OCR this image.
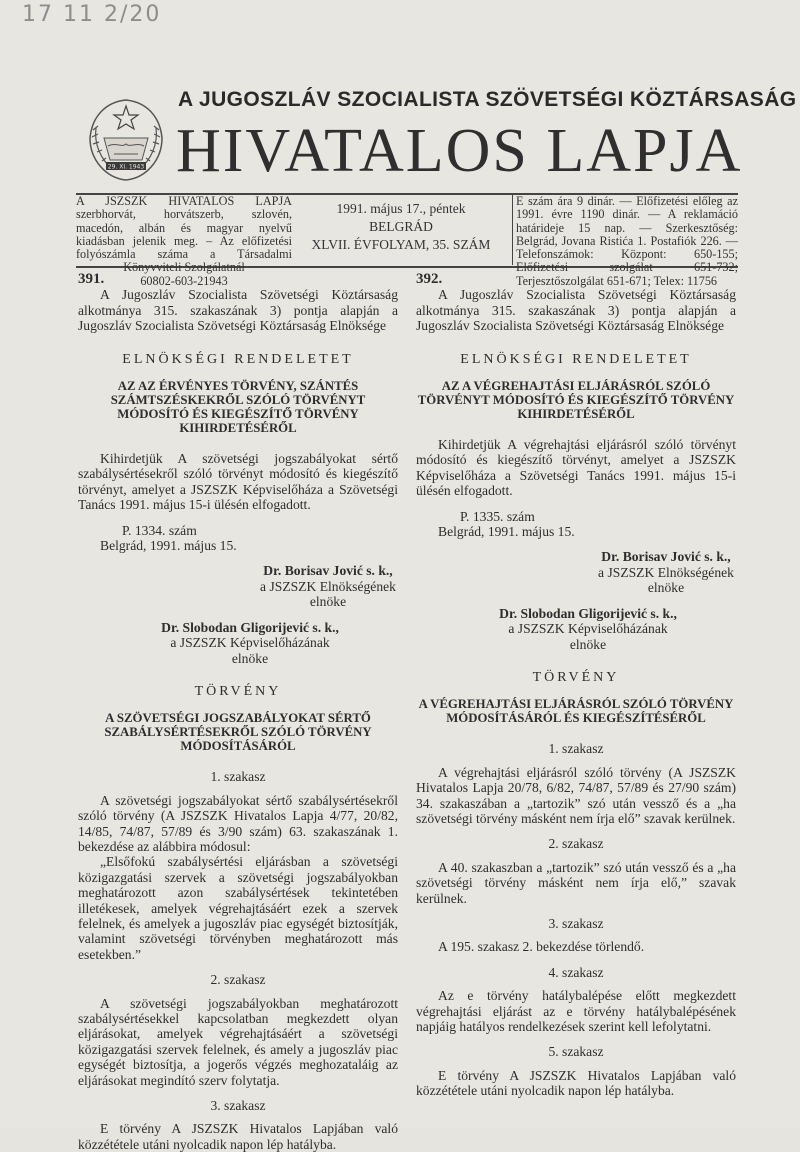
17 11 2/20
29. XI. 1943
A JUGOSZLÁV SZOCIALISTA SZÖVETSÉGI KÖZTÁRSASÁG
HIVATALOS LAPJA
A JSZSZK HIVATALOS LAPJA szerbhorvát, horvátszerb, szlovén, macedón, albán és magyar nyelvű kiadásban jelenik meg. – Az előfizetési folyószámla száma a Társadalmi Könyvviteli Szolgálatnál
60802-603-21943
1991. május 17., péntek
BELGRÁD
XLVII. ÉVFOLYAM, 35. SZÁM
E szám ára 9 dinár. — Előfizetési előleg az 1991. évre 1190 dinár. — A reklamáció határideje 15 nap. — Szerkesztőség: Belgrád, Jovana Ristića 1. Postafiók 226. — Telefonszámok: Központ: 650-155; Előfizetési szolgálat 651-732; Terjesztőszolgálat 651-671; Telex: 11756

391.

A Jugoszláv Szocialista Szövetségi Köztársaság alkotmánya 315. szakaszának 3) pontja alapján a Jugoszláv Szocialista Szövetségi Köztársaság Elnöksége

ELNÖKSÉGI RENDELETET

AZ AZ ÉRVÉNYES TÖRVÉNY, SZÁNTÉS SZÁMTSZÉSKEKRŐL SZÓLÓ TÖRVÉNYT MÓDOSÍTÓ ÉS KIEGÉSZÍTŐ TÖRVÉNY KIHIRDETÉSÉRŐL

Kihirdetjük A szövetségi jogszabályokat sértő szabálysértésekről szóló törvényt módosító és kiegészítő törvényt, amelyet a JSZSZK Képviselőháza a Szövetségi Tanács 1991. május 15-i ülésén elfogadott.

P. 1334. szám

Belgrád, 1991. május 15.

Dr. Borisav Jović s. k.,

a JSZSZK Elnökségének

elnöke

Dr. Slobodan Gligorijević s. k.,

a JSZSZK Képviselőházának

elnöke

TÖRVÉNY

A SZÖVETSÉGI JOGSZABÁLYOKAT SÉRTŐ SZABÁLYSÉRTÉSEKRŐL SZÓLÓ TÖRVÉNY MÓDOSÍTÁSÁRÓL

1. szakasz

A szövetségi jogszabályokat sértő szabálysértésekről szóló törvény (A JSZSZK Hivatalos Lapja 4/77, 20/82, 14/85, 74/87, 57/89 és 3/90 szám) 63. szakaszának 1. bekezdése az alábbira módosul:

„Elsőfokú szabálysértési eljárásban a szövetségi közigazgatási szervek a szövetségi jogszabályokban meghatározott azon szabálysértések tekintetében illetékesek, amelyek végrehajtásáért ezek a szervek felelnek, és amelyek a jugoszláv piac egységét biztosítják, valamint szövetségi törvényben meghatározott más esetekben.”

2. szakasz

A szövetségi jogszabályokban meghatározott szabálysértésekkel kapcsolatban megkezdett olyan eljárásokat, amelyek végrehajtásáért a szövetségi közigazgatási szervek felelnek, és amely a jugoszláv piac egységét biztosítja, a jogerős végzés meghozataláig az eljárásokat megindító szerv folytatja.

3. szakasz

E törvény A JSZSZK Hivatalos Lapjában való közzététele utáni nyolcadik napon lép hatályba.

392.

A Jugoszláv Szocialista Szövetségi Köztársaság alkotmánya 315. szakaszának 3) pontja alapján a Jugoszláv Szocialista Szövetségi Köztársaság Elnöksége

ELNÖKSÉGI RENDELETET

AZ A VÉGREHAJTÁSI ELJÁRÁSRÓL SZÓLÓ TÖRVÉNYT MÓDOSÍTÓ ÉS KIEGÉSZÍTŐ TÖRVÉNY KIHIRDETÉSÉRŐL

Kihirdetjük A végrehajtási eljárásról szóló törvényt módosító és kiegészítő törvényt, amelyet a JSZSZK Képviselőháza a Szövetségi Tanács 1991. május 15-i ülésén elfogadott.

P. 1335. szám

Belgrád, 1991. május 15.

Dr. Borisav Jović s. k.,

a JSZSZK Elnökségének

elnöke

Dr. Slobodan Gligorijević s. k.,

a JSZSZK Képviselőházának

elnöke

TÖRVÉNY

A VÉGREHAJTÁSI ELJÁRÁSRÓL SZÓLÓ TÖRVÉNY MÓDOSÍTÁSÁRÓL ÉS KIEGÉSZÍTÉSÉRŐL

1. szakasz

A végrehajtási eljárásról szóló törvény (A JSZSZK Hivatalos Lapja 20/78, 6/82, 74/87, 57/89 és 27/90 szám) 34. szakaszában a „tartozik” szó után vessző és a „ha szövetségi törvény másként nem írja elő” szavak kerülnek.

2. szakasz

A 40. szakaszban a „tartozik” szó után vessző és a „ha szövetségi törvény másként nem írja elő,” szavak kerülnek.

3. szakasz

A 195. szakasz 2. bekezdése törlendő.

4. szakasz

Az e törvény hatálybalépése előtt megkezdett végrehajtási eljárást az e törvény hatálybalépésének napjáig hatályos rendelkezések szerint kell lefolytatni.

5. szakasz

E törvény A JSZSZK Hivatalos Lapjában való közzététele utáni nyolcadik napon lép hatályba.
